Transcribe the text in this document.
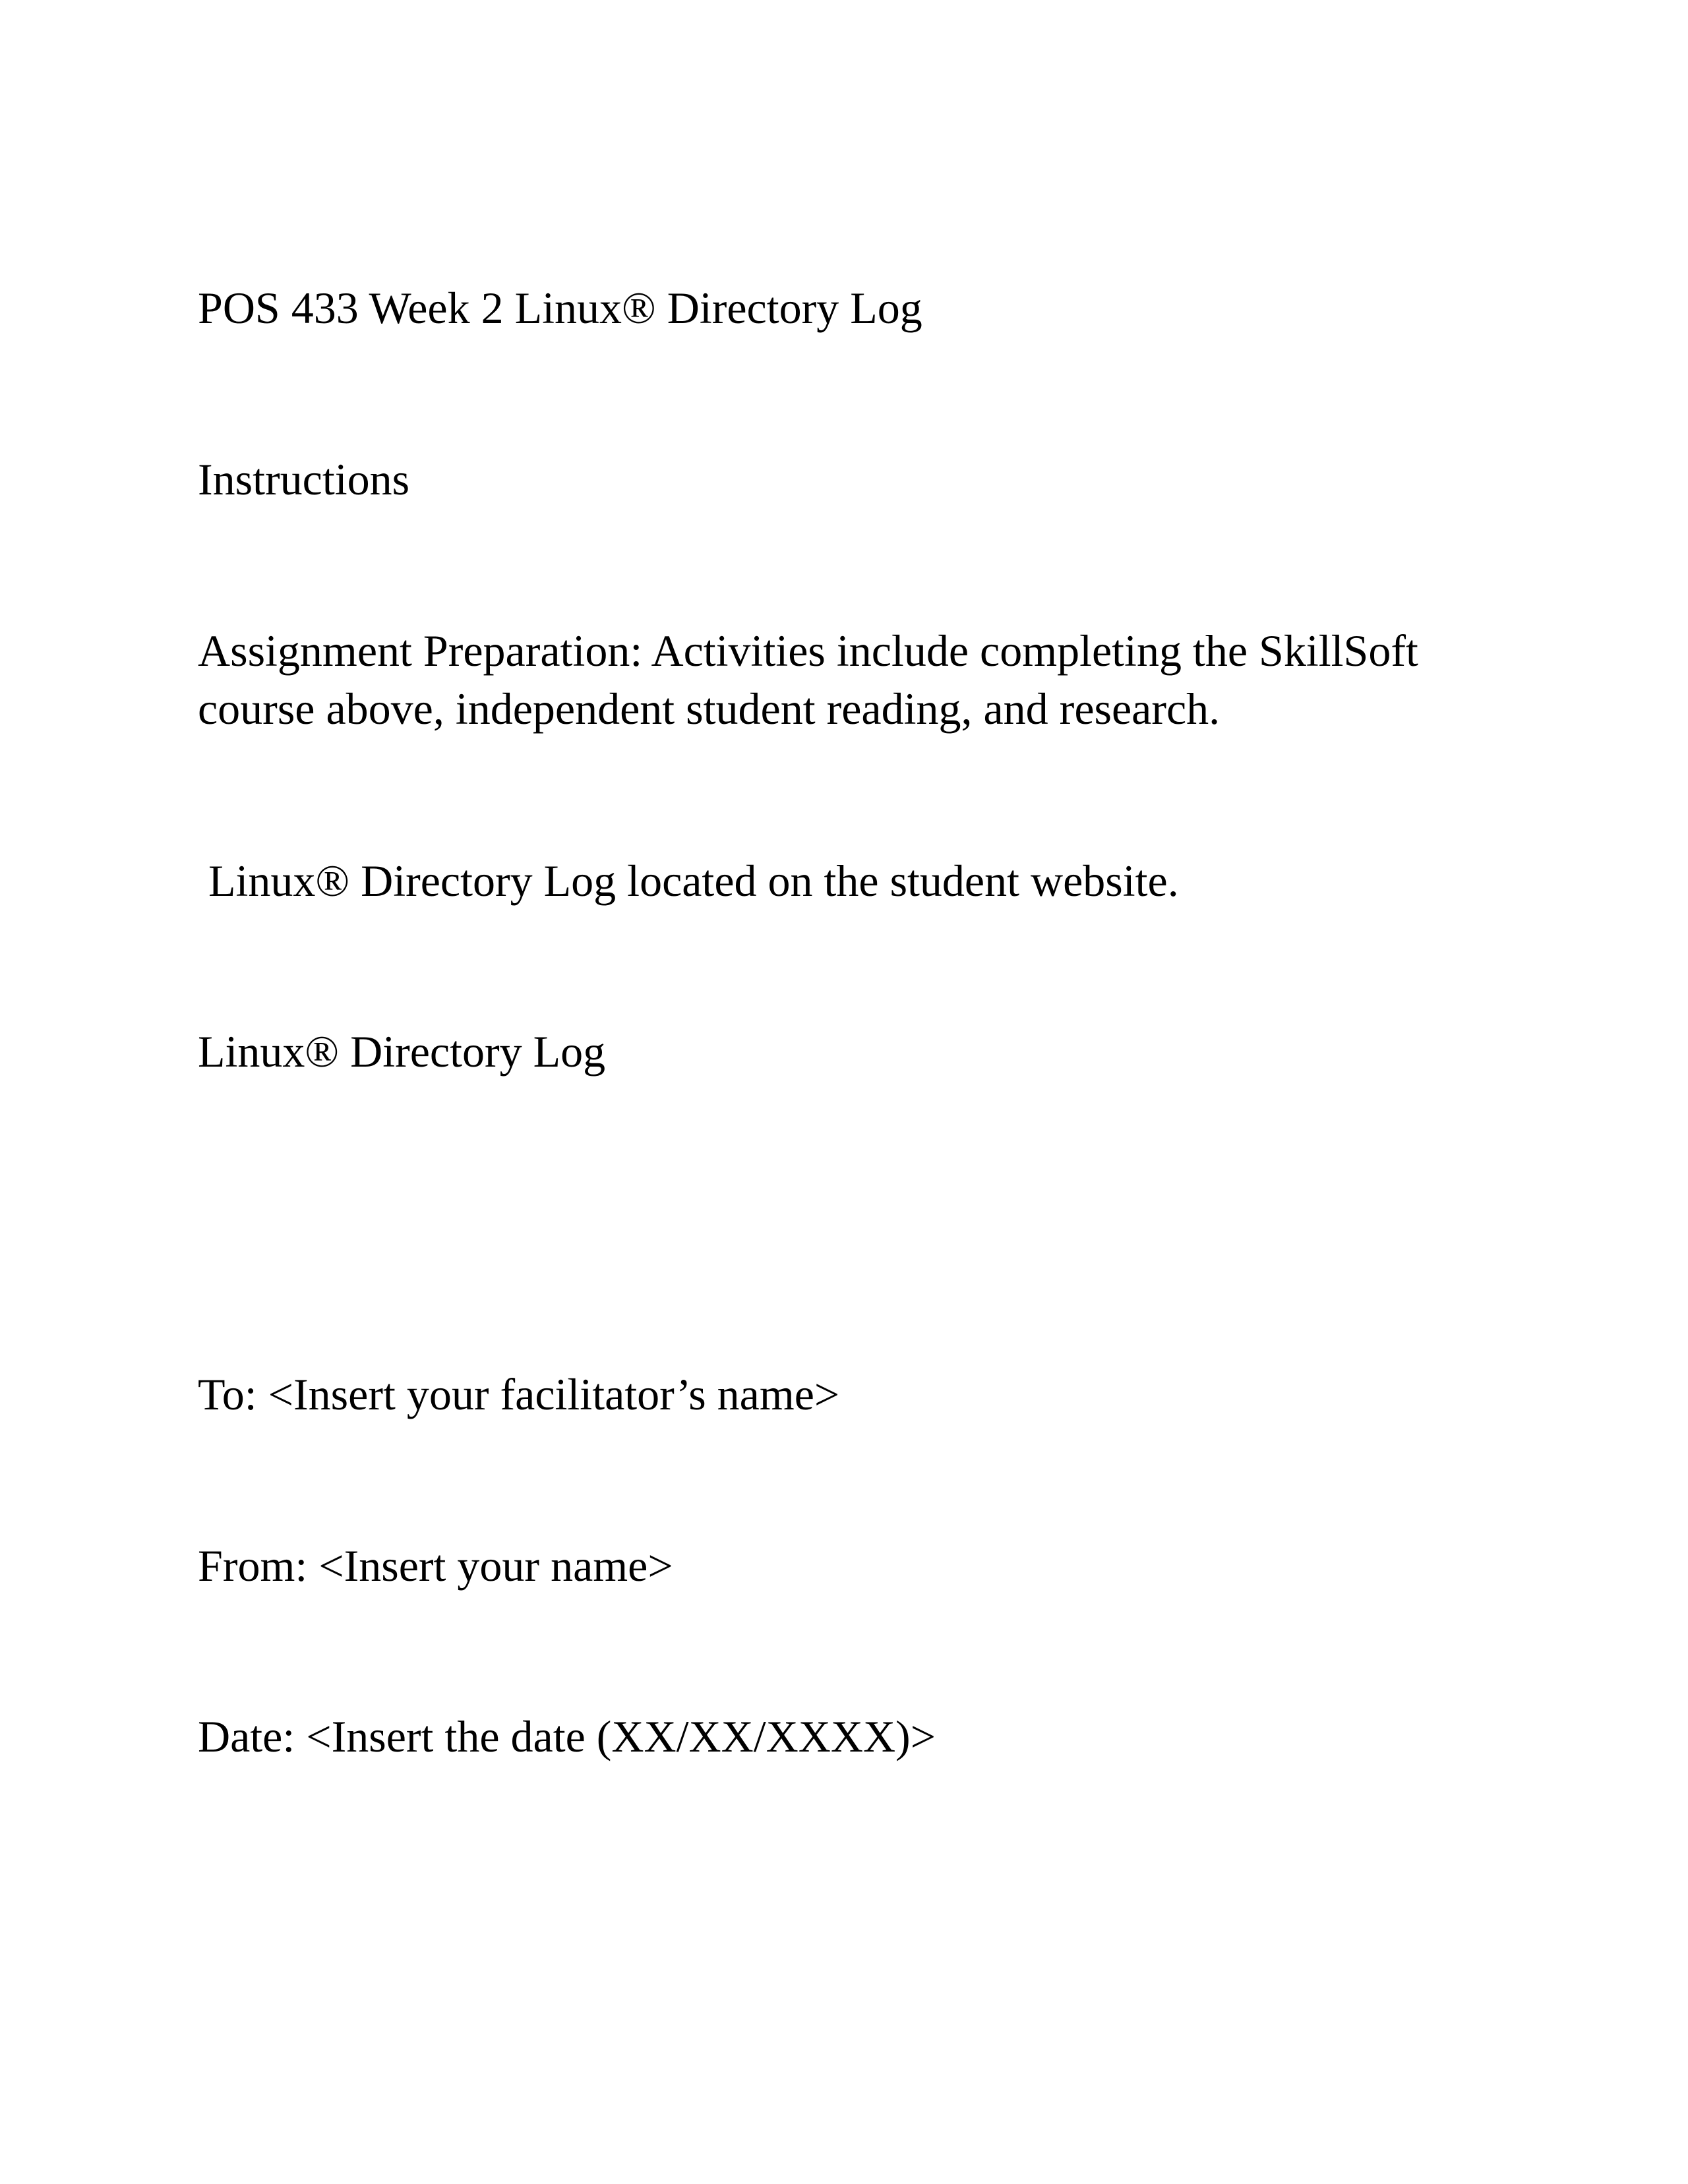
POS 433 Week 2 Linux® Directory Log

Instructions

Assignment Preparation: Activities include completing the SkillSoft
course above, independent student reading, and research.

Linux® Directory Log located on the student website.

Linux® Directory Log

To: <Insert your facilitator’s name>

From: <Insert your name>

Date: <Insert the date (XX/XX/XXXX)>
